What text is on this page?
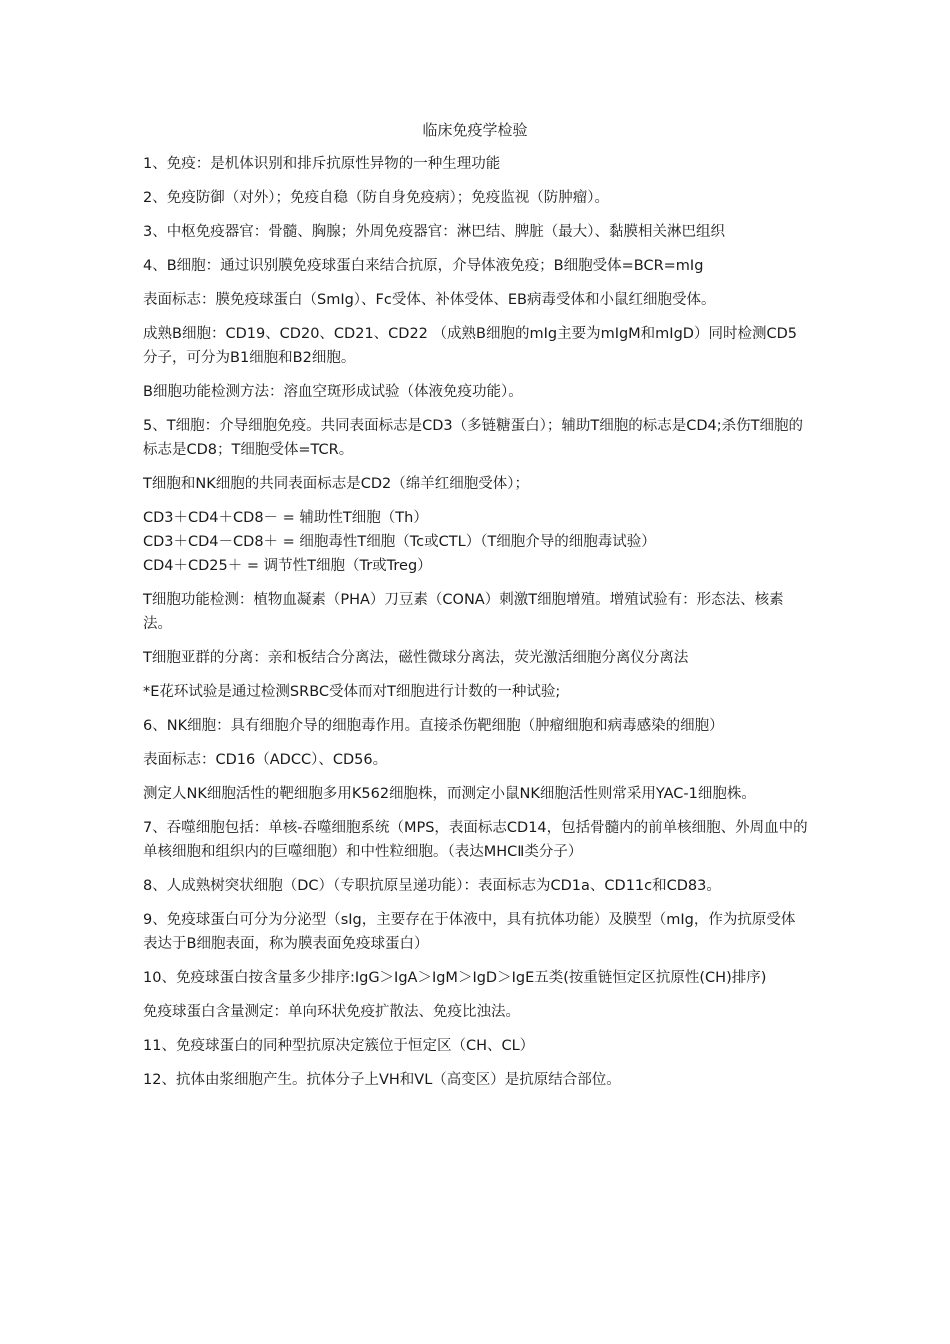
临床免疫学检验

1、免疫：是机体识别和排斥抗原性异物的一种生理功能

2、免疫防御（对外）；免疫自稳（防自身免疫病）；免疫监视（防肿瘤）。

3、中枢免疫器官：骨髓、胸腺；外周免疫器官：淋巴结、脾脏（最大）、黏膜相关淋巴组织

4、B细胞：通过识别膜免疫球蛋白来结合抗原，介导体液免疫；B细胞受体=BCR=mIg

表面标志：膜免疫球蛋白（SmIg）、Fc受体、补体受体、EB病毒受体和小鼠红细胞受体。

成熟B细胞：CD19、CD20、CD21、CD22 （成熟B细胞的mIg主要为mIgM和mIgD）同时检测CD5分子，可分为B1细胞和B2细胞。

B细胞功能检测方法：溶血空斑形成试验（体液免疫功能）。

5、T细胞：介导细胞免疫。共同表面标志是CD3（多链糖蛋白）；辅助T细胞的标志是CD4;杀伤T细胞的标志是CD8；T细胞受体=TCR。

T细胞和NK细胞的共同表面标志是CD2（绵羊红细胞受体）；

CD3＋CD4＋CD8－ = 辅助性T细胞（Th）

CD3＋CD4－CD8＋ = 细胞毒性T细胞（Tc或CTL）（T细胞介导的细胞毒试验）

CD4＋CD25＋ = 调节性T细胞（Tr或Treg）

T细胞功能检测：植物血凝素（PHA）刀豆素（CONA）刺激T细胞增殖。增殖试验有：形态法、核素法。

T细胞亚群的分离：亲和板结合分离法，磁性微球分离法，荧光激活细胞分离仪分离法

*E花环试验是通过检测SRBC受体而对T细胞进行计数的一种试验;

6、NK细胞：具有细胞介导的细胞毒作用。直接杀伤靶细胞（肿瘤细胞和病毒感染的细胞）

表面标志：CD16（ADCC）、CD56。

测定人NK细胞活性的靶细胞多用K562细胞株，而测定小鼠NK细胞活性则常采用YAC-1细胞株。

7、吞噬细胞包括：单核-吞噬细胞系统（MPS，表面标志CD14，包括骨髓内的前单核细胞、外周血中的单核细胞和组织内的巨噬细胞）和中性粒细胞。（表达MHCⅡ类分子）

8、人成熟树突状细胞（DC）（专职抗原呈递功能）：表面标志为CD1a、CD11c和CD83。

9、免疫球蛋白可分为分泌型（sIg，主要存在于体液中，具有抗体功能）及膜型（mIg，作为抗原受体表达于B细胞表面，称为膜表面免疫球蛋白）

10、免疫球蛋白按含量多少排序:IgG＞IgA＞IgM＞IgD＞IgE五类(按重链恒定区抗原性(CH)排序)

免疫球蛋白含量测定：单向环状免疫扩散法、免疫比浊法。

11、免疫球蛋白的同种型抗原决定簇位于恒定区（CH、CL）

12、抗体由浆细胞产生。抗体分子上VH和VL（高变区）是抗原结合部位。
